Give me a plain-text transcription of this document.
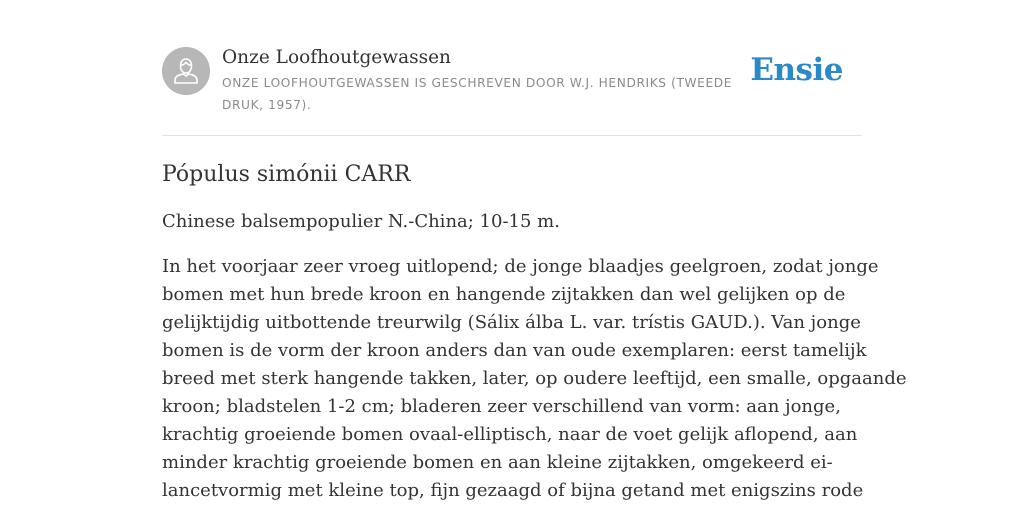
Onze Loofhoutgewassen

ONZE LOOFHOUTGEWASSEN IS GESCHREVEN DOOR W.J. HENDRIKS (TWEEDE DRUK, 1957).

Ensie
Pópulus simónii CARR

Chinese balsempopulier N.-China; 10-15 m.

In het voorjaar zeer vroeg uitlopend; de jonge blaadjes geelgroen, zodat jonge
bomen met hun brede kroon en hangende zijtakken dan wel gelijken op de
gelijktijdig uitbottende treurwilg (Sálix álba L. var. trístis GAUD.). Van jonge
bomen is de vorm der kroon anders dan van oude exemplaren: eerst tamelijk
breed met sterk hangende takken, later, op oudere leeftijd, een smalle, opgaande
kroon; bladstelen 1-2 cm; bladeren zeer verschillend van vorm: aan jonge,
krachtig groeiende bomen ovaal-elliptisch, naar de voet gelijk aflopend, aan
minder krachtig groeiende bomen en aan kleine zijtakken, omgekeerd ei-
lancetvormig met kleine top, fijn gezaagd of bijna getand met enigszins rode
